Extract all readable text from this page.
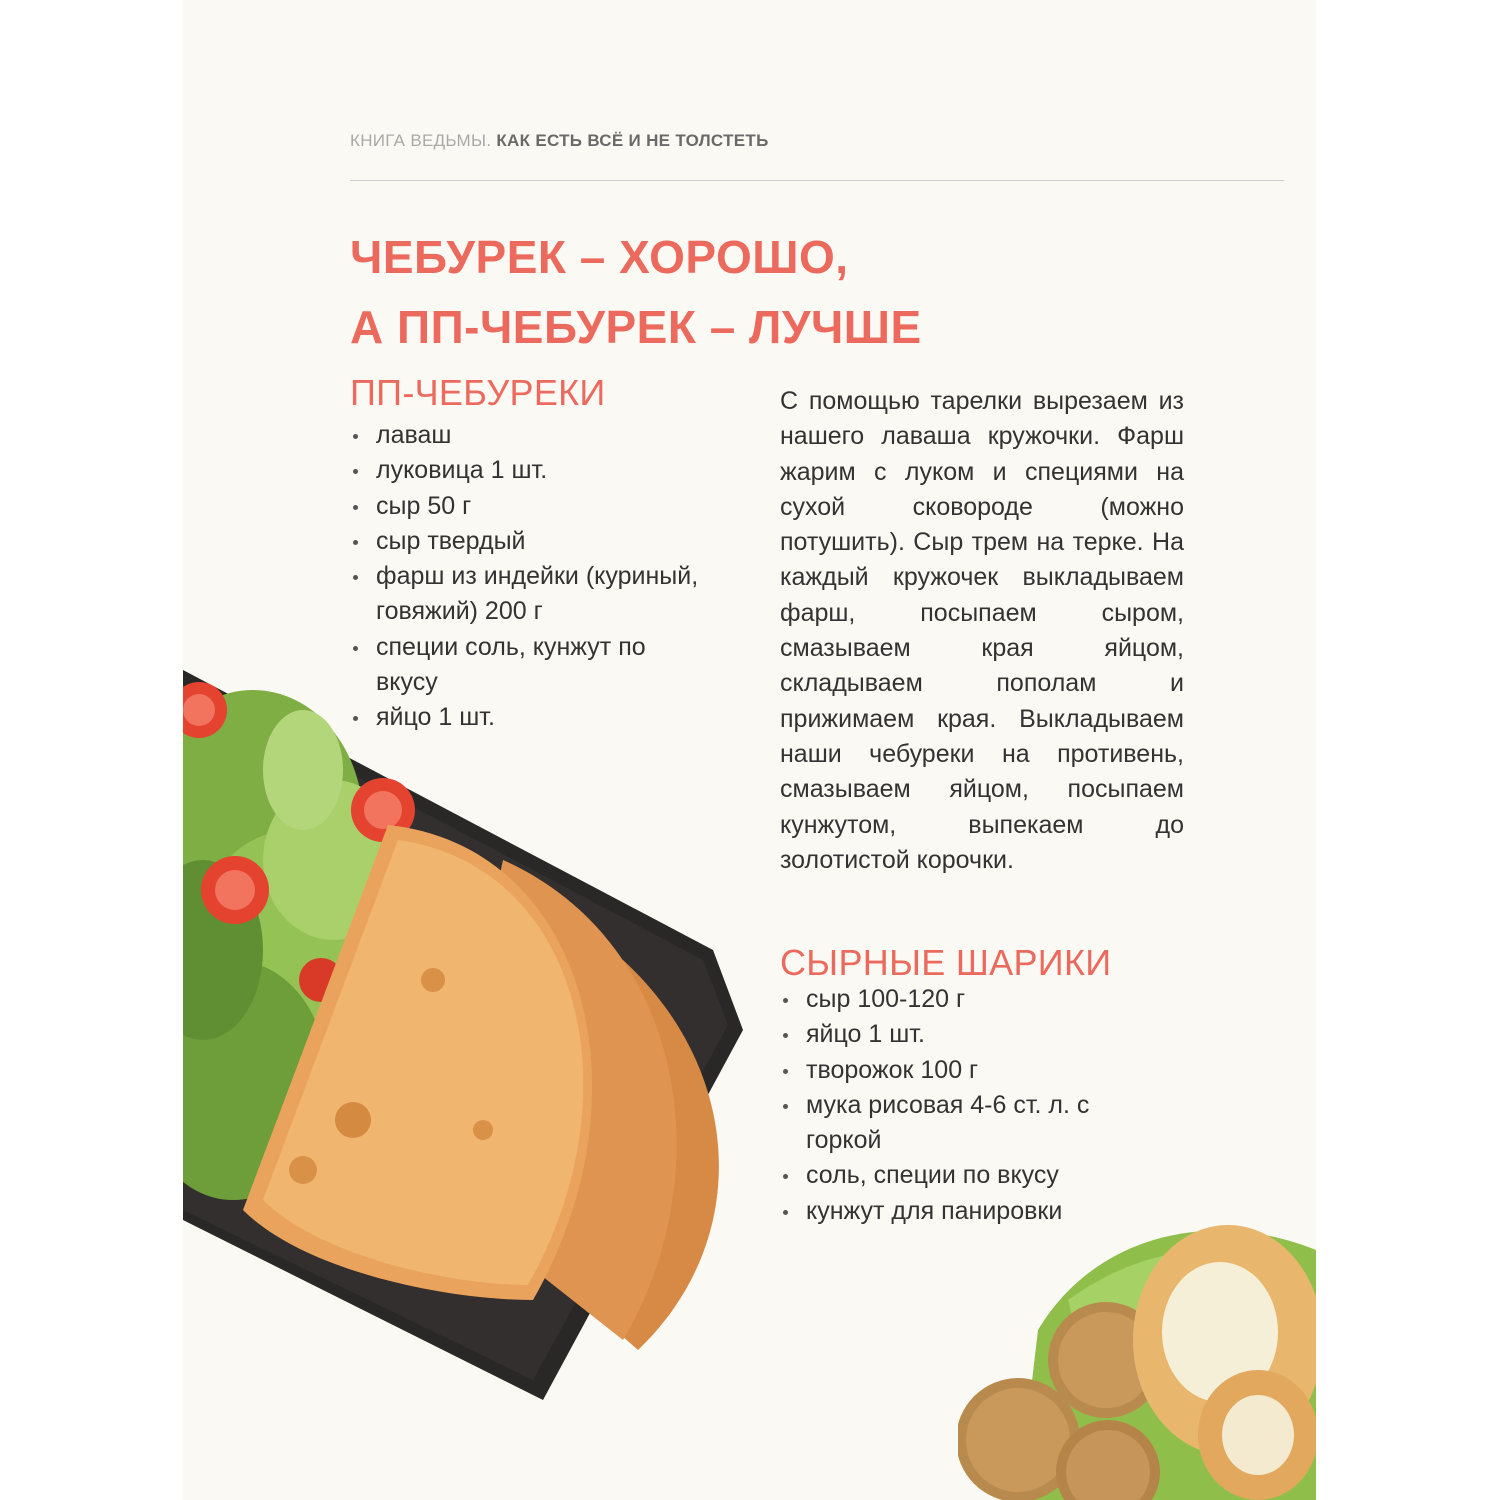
КНИГА ВЕДЬМЫ. КАК ЕСТЬ ВСЁ И НЕ ТОЛСТЕТЬ
ЧЕБУРЕК – ХОРОШО,
А ПП-ЧЕБУРЕК – ЛУЧШЕ
ПП-ЧЕБУРЕКИ
лаваш
луковица 1 шт.
сыр 50 г
сыр твердый
фарш из индейки (куриный, говяжий) 200 г
специи соль, кунжут по вкусу
яйцо 1 шт.

С помощью тарелки вырезаем из нашего лаваша кружочки. Фарш жарим с луком и специями на сухой сковороде (можно потушить). Сыр трем на терке. На каждый кружочек выкладываем фарш, посыпаем сыром, смазываем края яйцом, складываем пополам и прижимаем края. Выкладываем наши чебуреки на противень, смазываем яйцом, посыпаем кунжутом, выпекаем до золотистой корочки.

СЫРНЫЕ ШАРИКИ
сыр 100-120 г
яйцо 1 шт.
творожок 100 г
мука рисовая 4-6 ст. л. с горкой
соль, специи по вкусу
кунжут для панировки
